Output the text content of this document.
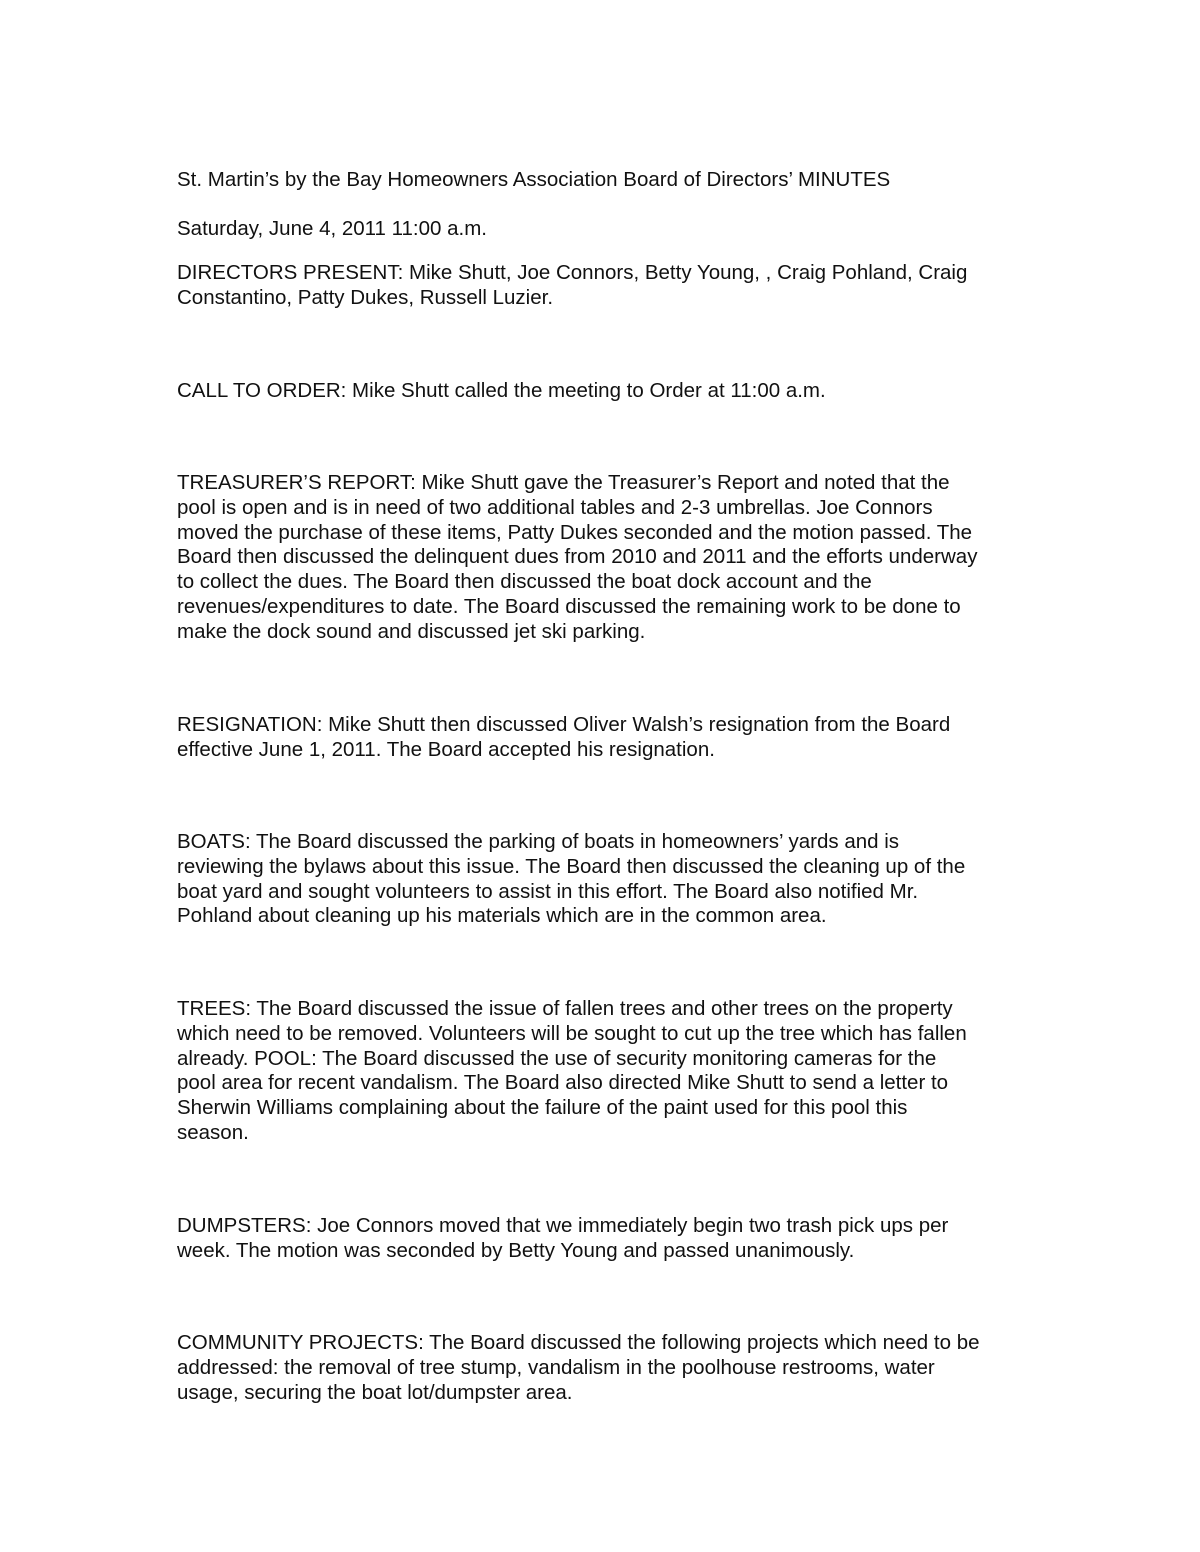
St. Martin’s by the Bay Homeowners Association Board of Directors’ MINUTES

Saturday, June 4, 2011 11:00 a.m.

DIRECTORS PRESENT: Mike Shutt, Joe Connors, Betty Young, , Craig Pohland, Craig
Constantino, Patty Dukes, Russell Luzier.
CALL TO ORDER: Mike Shutt called the meeting to Order at 11:00 a.m.
TREASURER’S REPORT: Mike Shutt gave the Treasurer’s Report and noted that the
pool is open and is in need of two additional tables and 2-3 umbrellas. Joe Connors
moved the purchase of these items, Patty Dukes seconded and the motion passed. The
Board then discussed the delinquent dues from 2010 and 2011 and the efforts underway
to collect the dues. The Board then discussed the boat dock account and the
revenues/expenditures to date. The Board discussed the remaining work to be done to
make the dock sound and discussed jet ski parking.
RESIGNATION: Mike Shutt then discussed Oliver Walsh’s resignation from the Board
effective June 1, 2011. The Board accepted his resignation.
BOATS: The Board discussed the parking of boats in homeowners’ yards and is
reviewing the bylaws about this issue. The Board then discussed the cleaning up of the
boat yard and sought volunteers to assist in this effort. The Board also notified Mr.
Pohland about cleaning up his materials which are in the common area.
TREES: The Board discussed the issue of fallen trees and other trees on the property
which need to be removed. Volunteers will be sought to cut up the tree which has fallen
already. POOL: The Board discussed the use of security monitoring cameras for the
pool area for recent vandalism. The Board also directed Mike Shutt to send a letter to
Sherwin Williams complaining about the failure of the paint used for this pool this
season.
DUMPSTERS: Joe Connors moved that we immediately begin two trash pick ups per
week. The motion was seconded by Betty Young and passed unanimously.
COMMUNITY PROJECTS: The Board discussed the following projects which need to be
addressed: the removal of tree stump, vandalism in the poolhouse restrooms, water
usage, securing the boat lot/dumpster area.
